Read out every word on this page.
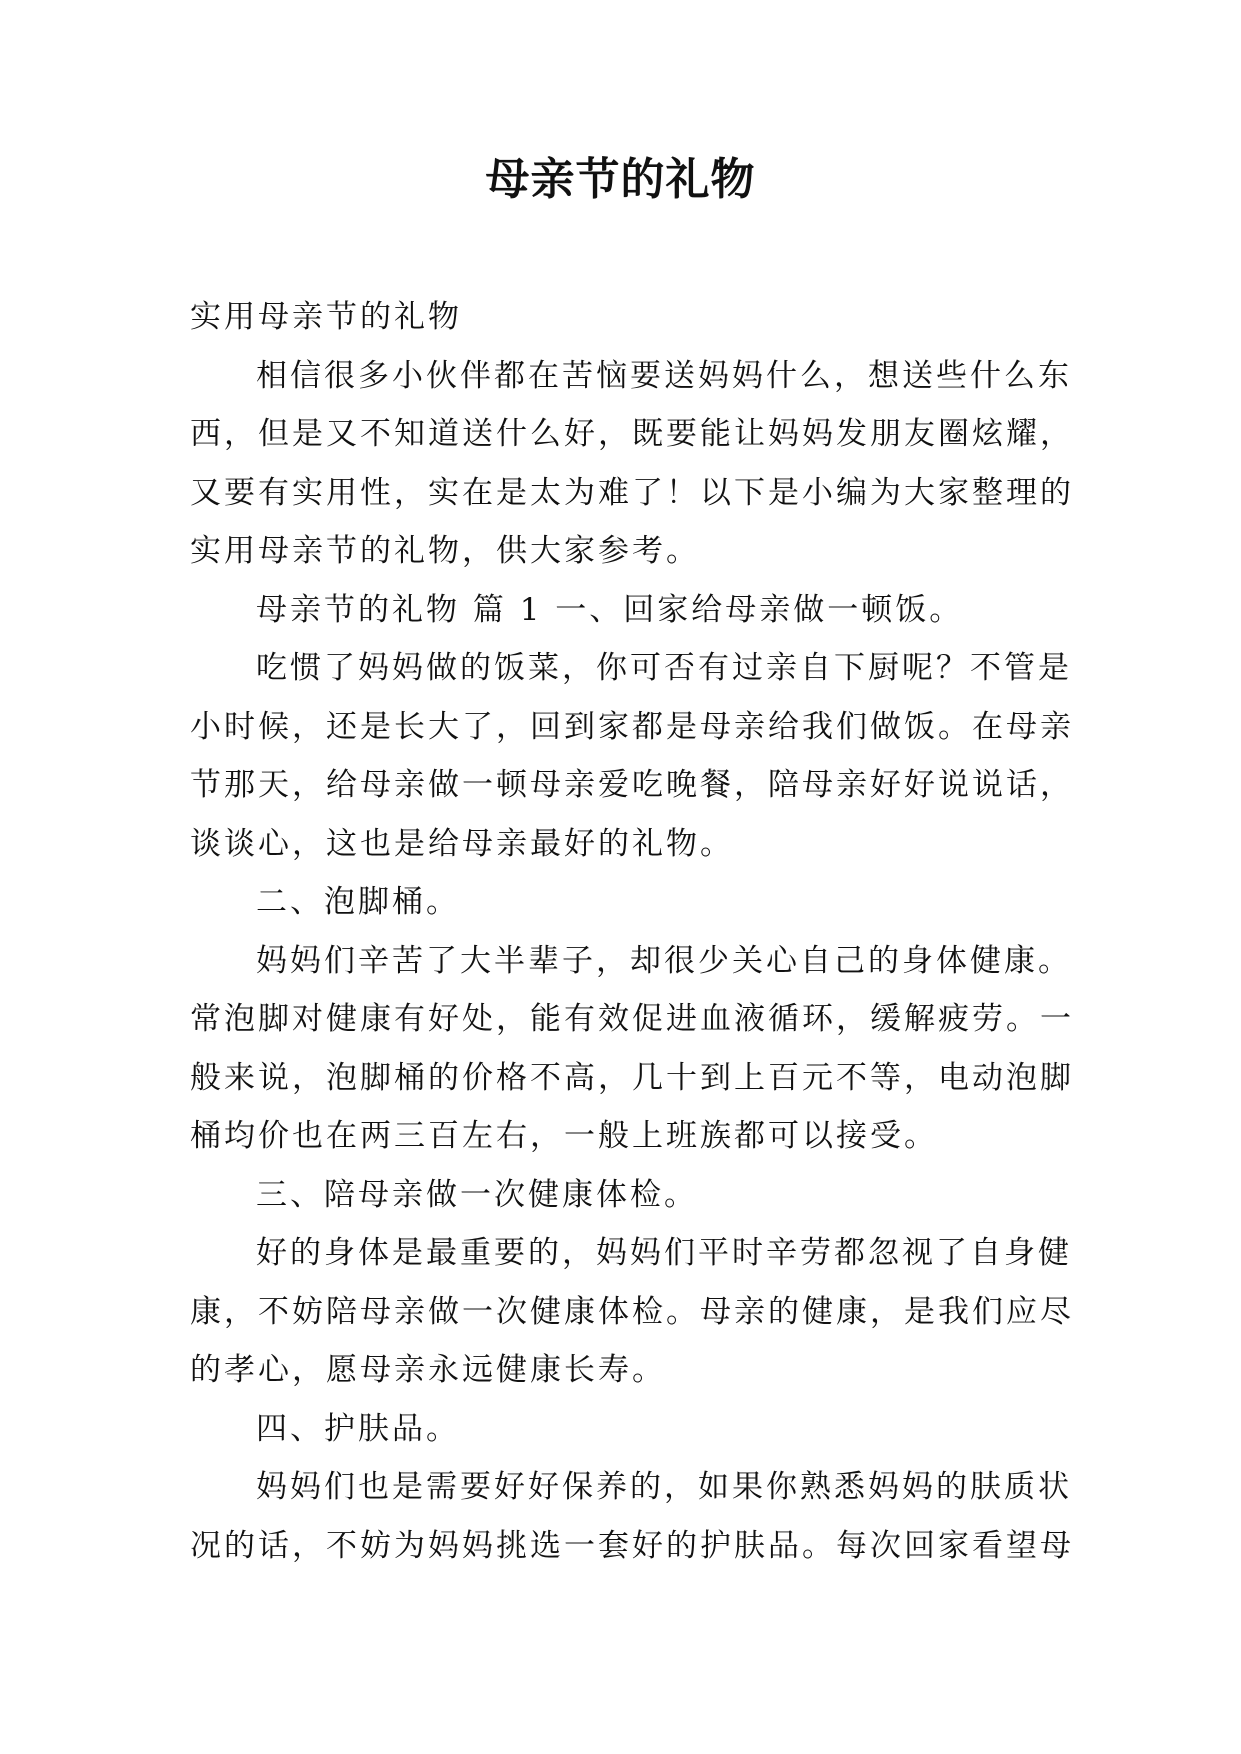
母亲节的礼物
实用母亲节的礼物
相信很多小伙伴都在苦恼要送妈妈什么，想送些什么东
西，但是又不知道送什么好，既要能让妈妈发朋友圈炫耀，
又要有实用性，实在是太为难了！以下是小编为大家整理的
实用母亲节的礼物，供大家参考。
母亲节的礼物 篇 1 一、回家给母亲做一顿饭。
吃惯了妈妈做的饭菜，你可否有过亲自下厨呢？不管是
小时候，还是长大了，回到家都是母亲给我们做饭。在母亲
节那天，给母亲做一顿母亲爱吃晚餐，陪母亲好好说说话，
谈谈心，这也是给母亲最好的礼物。
二、泡脚桶。
妈妈们辛苦了大半辈子，却很少关心自己的身体健康。
常泡脚对健康有好处，能有效促进血液循环，缓解疲劳。一
般来说，泡脚桶的价格不高，几十到上百元不等，电动泡脚
桶均价也在两三百左右，一般上班族都可以接受。
三、陪母亲做一次健康体检。
好的身体是最重要的，妈妈们平时辛劳都忽视了自身健
康，不妨陪母亲做一次健康体检。母亲的健康，是我们应尽
的孝心，愿母亲永远健康长寿。
四、护肤品。
妈妈们也是需要好好保养的，如果你熟悉妈妈的肤质状
况的话，不妨为妈妈挑选一套好的护肤品。每次回家看望母
